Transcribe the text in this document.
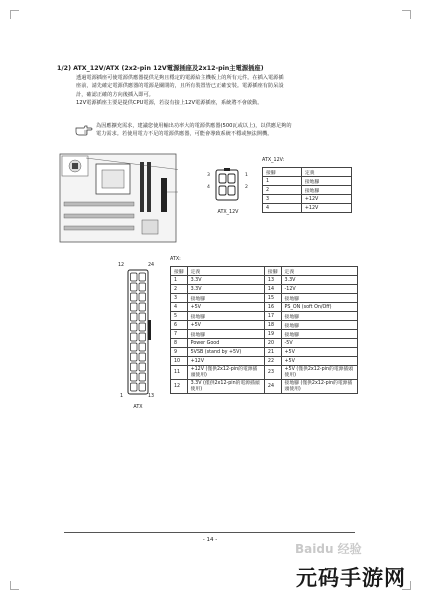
1/2) ATX_12V/ATX (2x2-pin 12V電源插座及2x12-pin主電源插座)
透過電源插座可使電源供應器提供足夠且穩定的電源給主機板上的所有元件。在插入電源插
座前，請先確定電源供應器的電源是關閉的，且所有裝置皆已正確安裝。電源插座有防呆設
計，確認正確的方向後插入即可。
12V電源插座主要是提供CPU電源，若沒有接上12V電源插座，系統將不會啟動。
為因應擴充需求，建議您使用輸出功率大的電源供應器(500瓦或以上)，以供應足夠的
電力需求。若使用電力不足的電源供應器，可能會導致系統不穩或無法開機。
3	1
4	2
ATX_12V
ATX_12V:
接腳	定義
1	接地腳
2	接地腳
3	+12V
4	+12V
12	24
1	13
ATX
ATX:
接腳	定義	接腳	定義
1	3.3V	13	3.3V
2	3.3V	14	-12V
3	接地腳	15	接地腳
4	+5V	16	PS_ON (soft On/Off)
5	接地腳	17	接地腳
6	+5V	18	接地腳
7	接地腳	19	接地腳
8	Power Good	20	-5V
9	5VSB (stand by +5V)	21	+5V
10	+12V	22	+5V
11	+12V (僅供2x12-pin的電源插頭使用)	23	+5V (僅供2x12-pin的電源插頭使用)
12	3.3V (僅供2x12-pin的電源插頭使用)	24	接地腳 (僅供2x12-pin的電源插頭使用)
- 14 -
Baidu 经验
元码手游网
